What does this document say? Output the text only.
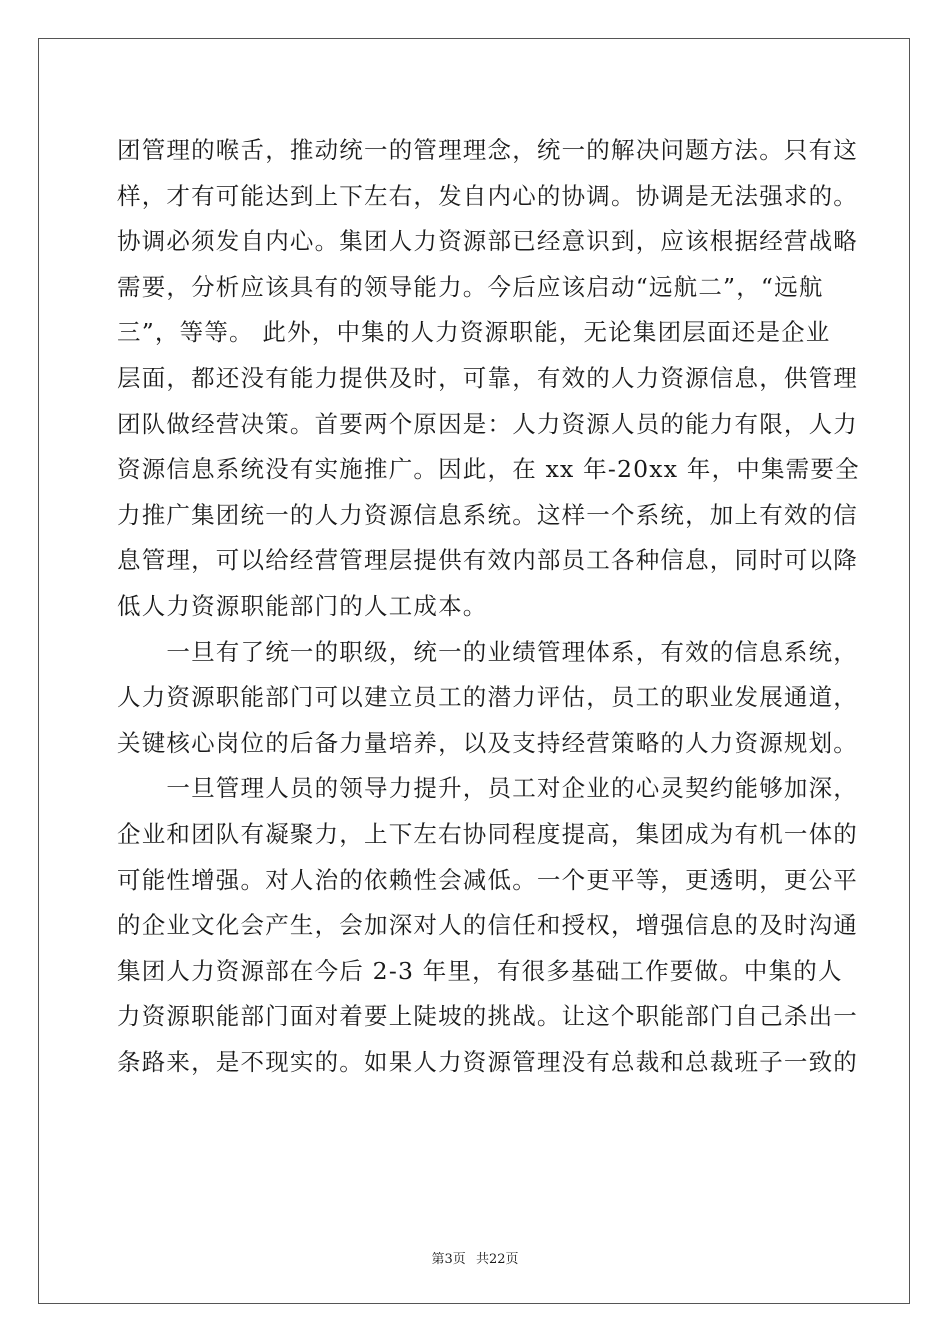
团管理的喉舌，推动统一的管理理念，统一的解决问题方法。只有这
样，才有可能达到上下左右，发自内心的协调。协调是无法强求的。
协调必须发自内心。集团人力资源部已经意识到，应该根据经营战略
需要，分析应该具有的领导能力。今后应该启动“远航二”，“远航
三”，等等。 此外，中集的人力资源职能，无论集团层面还是企业
层面，都还没有能力提供及时，可靠，有效的人力资源信息，供管理
团队做经营决策。首要两个原因是：人力资源人员的能力有限，人力
资源信息系统没有实施推广。因此，在 xx 年-20xx 年，中集需要全
力推广集团统一的人力资源信息系统。这样一个系统，加上有效的信
息管理，可以给经营管理层提供有效内部员工各种信息，同时可以降
低人力资源职能部门的人工成本。
　　一旦有了统一的职级，统一的业绩管理体系，有效的信息系统，
人力资源职能部门可以建立员工的潜力评估，员工的职业发展通道，
关键核心岗位的后备力量培养，以及支持经营策略的人力资源规划。
　　一旦管理人员的领导力提升，员工对企业的心灵契约能够加深，
企业和团队有凝聚力，上下左右协同程度提高，集团成为有机一体的
可能性增强。对人治的依赖性会减低。一个更平等，更透明，更公平
的企业文化会产生，会加深对人的信任和授权，增强信息的及时沟通
集团人力资源部在今后 2-3 年里，有很多基础工作要做。中集的人
力资源职能部门面对着要上陡坡的挑战。让这个职能部门自己杀出一
条路来，是不现实的。如果人力资源管理没有总裁和总裁班子一致的
第3页 共22页
